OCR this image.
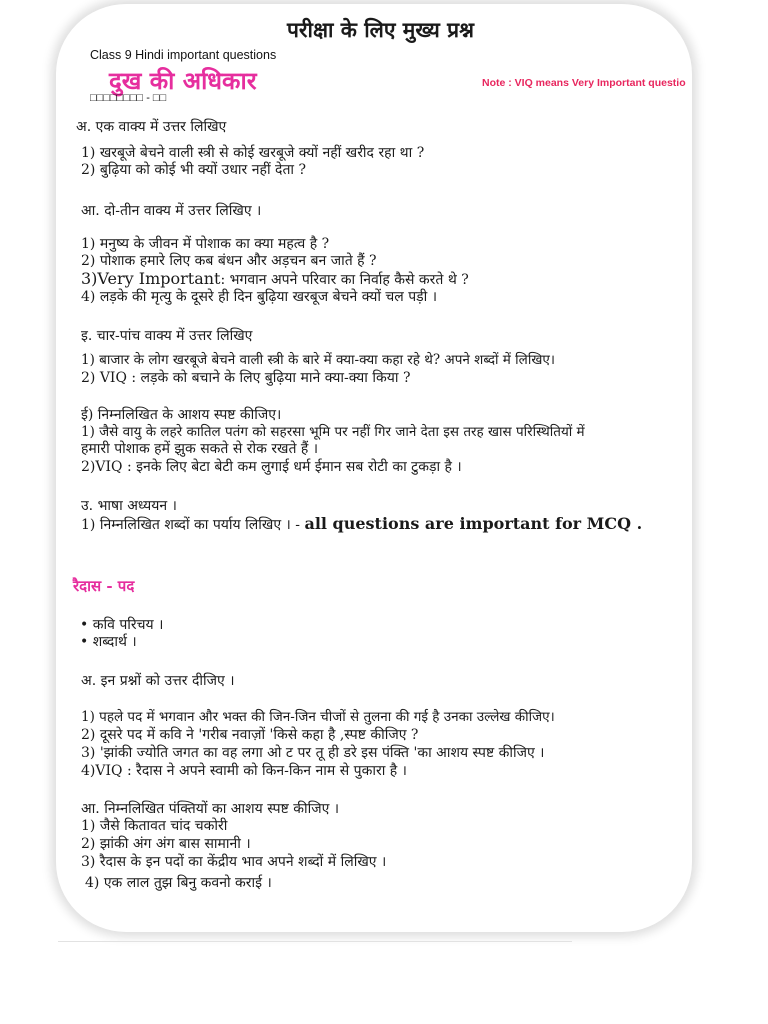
परीक्षा के लिए मुख्य प्रश्न
Class 9 Hindi important questions
दुख की अधिकार	Note : VIQ means Very Important questio
□□□□□□□□ - □□
अ. एक वाक्य में उत्तर लिखिए
1) खरबूजे बेचने वाली स्त्री से कोई खरबूजे क्यों नहीं खरीद रहा था ?
2) बुढ़िया को कोई भी क्यों उधार नहीं देता ?
आ. दो-तीन वाक्य में उत्तर लिखिए ।
1) मनुष्य के जीवन में पोशाक का क्या महत्व है ?
2) पोशाक हमारे लिए कब बंधन और अड़चन बन जाते हैं ?
3)Very Important: भगवान अपने परिवार का निर्वाह कैसे करते थे ?
4) लड़के की मृत्यु के दूसरे ही दिन बुढ़िया खरबूज बेचने क्यों चल पड़ी ।
इ. चार-पांच वाक्य में उत्तर लिखिए
1) बाजार के लोग खरबूजे बेचने वाली स्त्री के बारे में क्या-क्या कहा रहे थे? अपने शब्दों में लिखिए।
2) VIQ : लड़के को बचाने के लिए बुढ़िया माने क्या-क्या किया ?
ई) निम्नलिखित के आशय स्पष्ट कीजिए।
1) जैसे वायु के लहरे कातिल पतंग को सहरसा भूमि पर नहीं गिर जाने देता इस तरह खास परिस्थितियों में
हमारी पोशाक हमें झुक सकते से रोक रखते हैं ।
2)VIQ : इनके लिए बेटा बेटी कम लुगाई धर्म ईमान सब रोटी का टुकड़ा है ।
उ. भाषा अध्ययन ।
1) निम्नलिखित शब्दों का पर्याय लिखिए । - all questions are important for MCQ .
रैदास - पद
• कवि परिचय ।
• शब्दार्थ ।
अ. इन प्रश्नों को उत्तर दीजिए ।
1) पहले पद में भगवान और भक्त की जिन-जिन चीजों से तुलना की गई है उनका उल्लेख कीजिए।
2) दूसरे पद में कवि ने 'गरीब नवाज़ों 'किसे कहा है ,स्पष्ट कीजिए ?
3) 'झांकी ज्योति जगत का वह लगा ओ ट पर तू ही डरे इस पंक्ति 'का आशय स्पष्ट कीजिए ।
4)VIQ : रैदास ने अपने स्वामी को किन-किन नाम से पुकारा है ।
आ. निम्नलिखित पंक्तियों का आशय स्पष्ट कीजिए ।
1) जैसे कितावत चांद चकोरी
2) झांकी अंग अंग बास सामानी ।
3) रैदास के इन पदों का केंद्रीय भाव अपने शब्दों में लिखिए ।
4) एक लाल तुझ बिनु कवनो कराई ।
